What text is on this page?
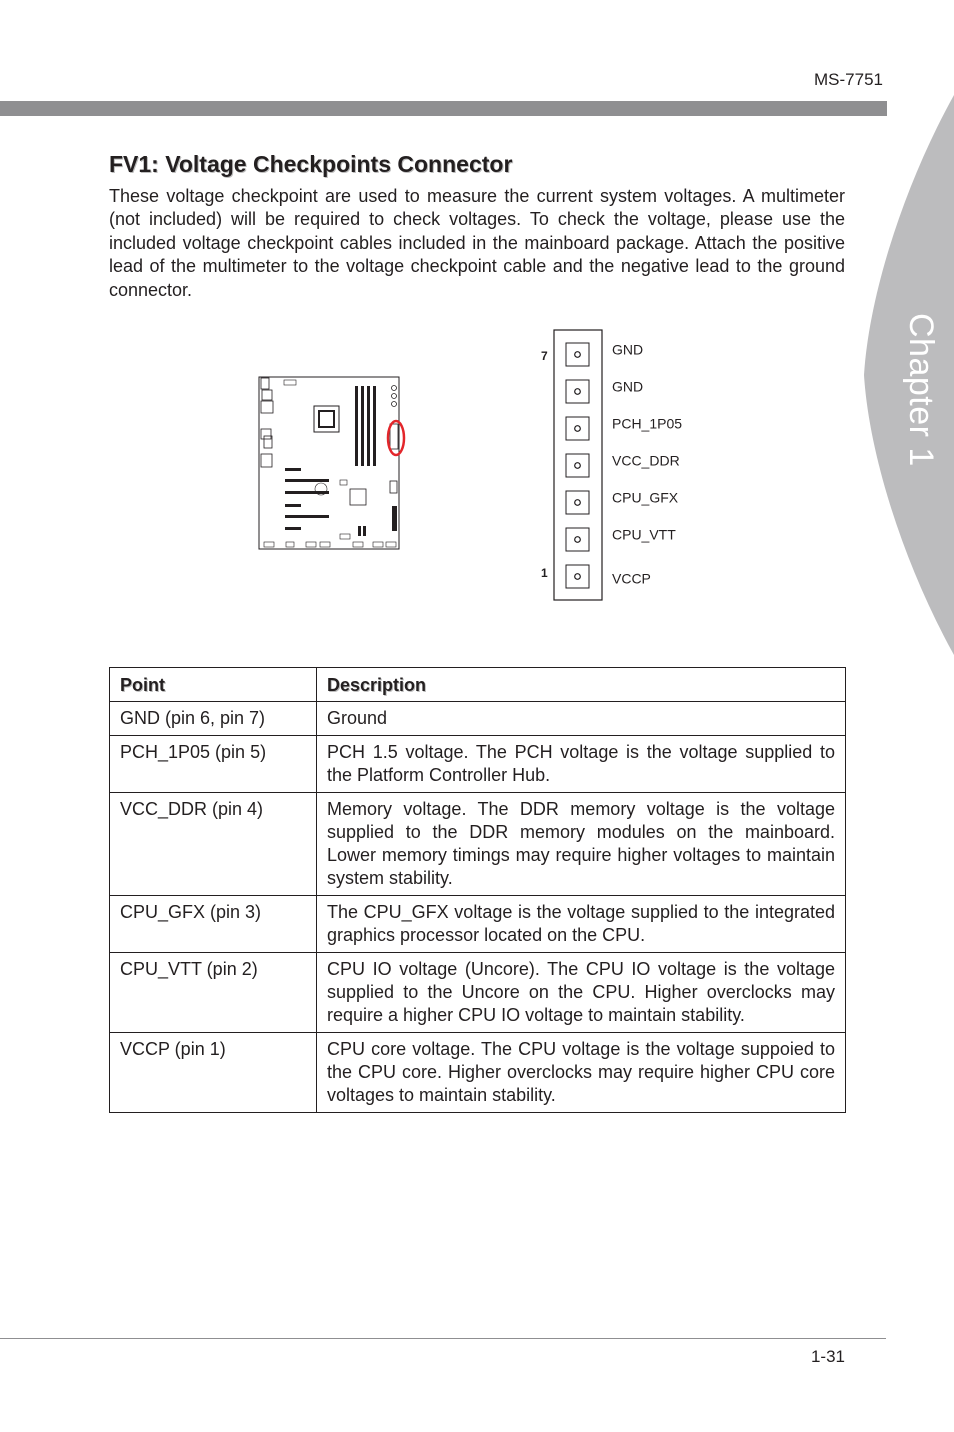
MS-7751
Chapter 1
FV1: Voltage Checkpoints Connector

These voltage checkpoint are used to measure the current system voltages. A multimeter (not included) will be required to check voltages. To check the voltage, please use the included voltage checkpoint cables included in the mainboard package. Attach the positive lead of the multimeter to the voltage checkpoint cable and the negative lead to the ground connector.

7
1
GND
GND
PCH_1P05
VCC_DDR
CPU_GFX
CPU_VTT
VCCP
Point	Description
GND (pin 6, pin 7)	Ground
PCH_1P05 (pin 5)	PCH 1.5 voltage. The PCH voltage is the voltage supplied to the Platform Controller Hub.
VCC_DDR (pin 4)	Memory voltage. The DDR memory voltage is the voltage supplied to the DDR memory modules on the mainboard. Lower memory timings may require higher voltages to maintain system stability.
CPU_GFX (pin 3)	The CPU_GFX voltage is the voltage supplied to the integrated graphics processor located on the CPU.
CPU_VTT (pin 2)	CPU IO voltage (Uncore). The CPU IO voltage is the voltage supplied to the Uncore on the CPU. Higher overclocks may require a higher CPU IO voltage to maintain stability.
VCCP (pin 1)	CPU core voltage. The CPU voltage is the voltage suppoied to the CPU core. Higher overclocks may require higher CPU core voltages to maintain stability.
1-31
